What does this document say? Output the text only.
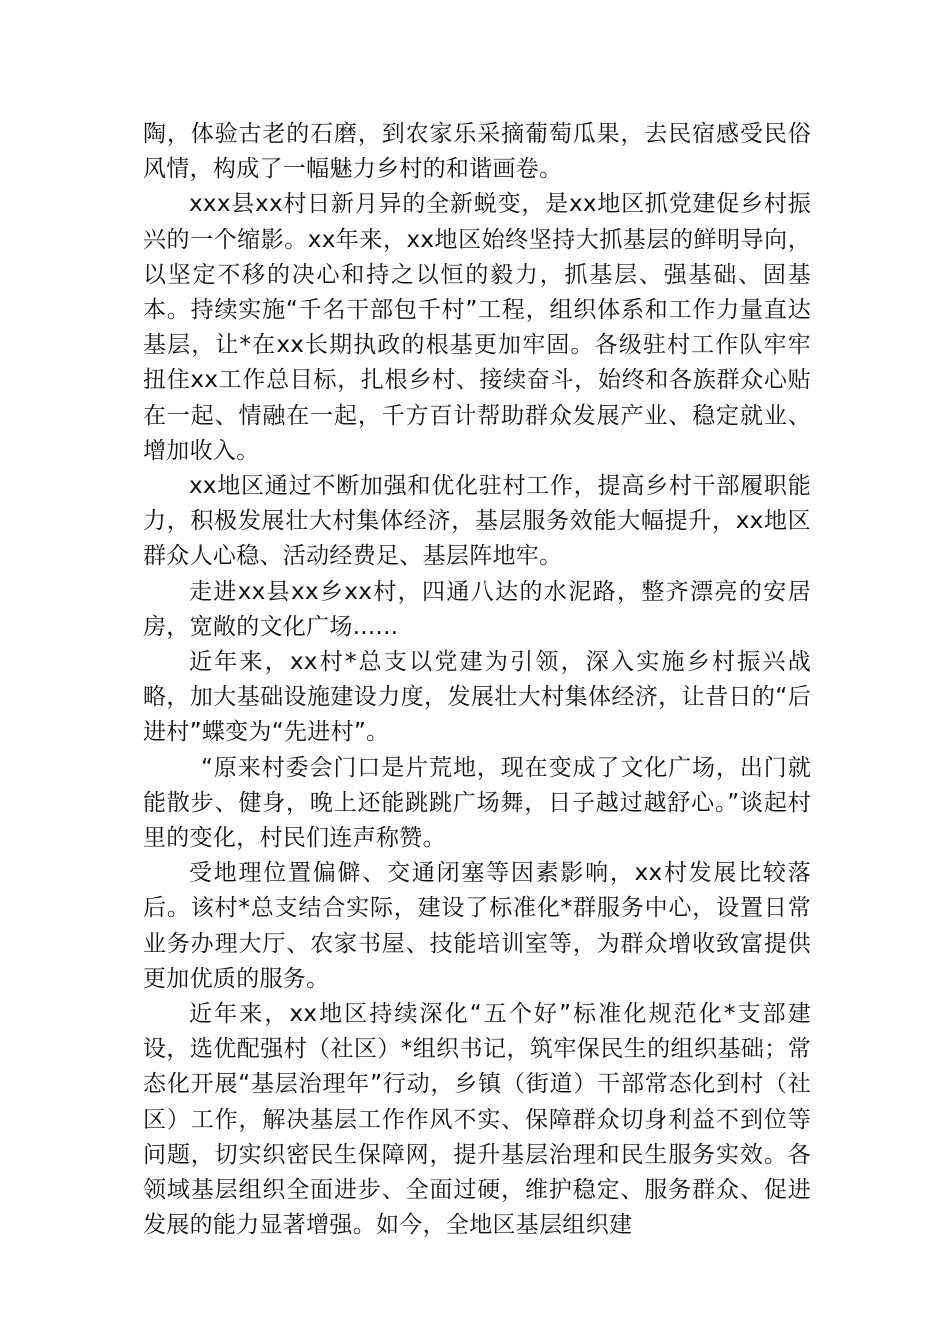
陶，体验古老的石磨，到农家乐采摘葡萄瓜果，去民宿感受民俗风情，构成了一幅魅力乡村的和谐画卷。

xxx县xx村日新月异的全新蜕变，是xx地区抓党建促乡村振兴的一个缩影。xx年来，xx地区始终坚持大抓基层的鲜明导向，以坚定不移的决心和持之以恒的毅力，抓基层、强基础、固基本。持续实施“千名干部包千村”工程，组织体系和工作力量直达基层，让*在xx长期执政的根基更加牢固。各级驻村工作队牢牢扭住xx工作总目标，扎根乡村、接续奋斗，始终和各族群众心贴在一起、情融在一起，千方百计帮助群众发展产业、稳定就业、增加收入。

xx地区通过不断加强和优化驻村工作，提高乡村干部履职能力，积极发展壮大村集体经济，基层服务效能大幅提升，xx地区群众人心稳、活动经费足、基层阵地牢。

走进xx县xx乡xx村，四通八达的水泥路，整齐漂亮的安居房，宽敞的文化广场......

近年来，xx村*总支以党建为引领，深入实施乡村振兴战略，加大基础设施建设力度，发展壮大村集体经济，让昔日的“后进村”蝶变为“先进村”。

“原来村委会门口是片荒地，现在变成了文化广场，出门就能散步、健身，晚上还能跳跳广场舞，日子越过越舒心。”谈起村里的变化，村民们连声称赞。

受地理位置偏僻、交通闭塞等因素影响，xx村发展比较落后。该村*总支结合实际，建设了标准化*群服务中心，设置日常业务办理大厅、农家书屋、技能培训室等，为群众增收致富提供更加优质的服务。

近年来，xx地区持续深化“五个好”标准化规范化*支部建设，选优配强村（社区）*组织书记，筑牢保民生的组织基础；常态化开展“基层治理年”行动，乡镇（街道）干部常态化到村（社区）工作，解决基层工作作风不实、保障群众切身利益不到位等问题，切实织密民生保障网，提升基层治理和民生服务实效。各领域基层组织全面进步、全面过硬，维护稳定、服务群众、促进发展的能力显著增强。如今，全地区基层组织建
